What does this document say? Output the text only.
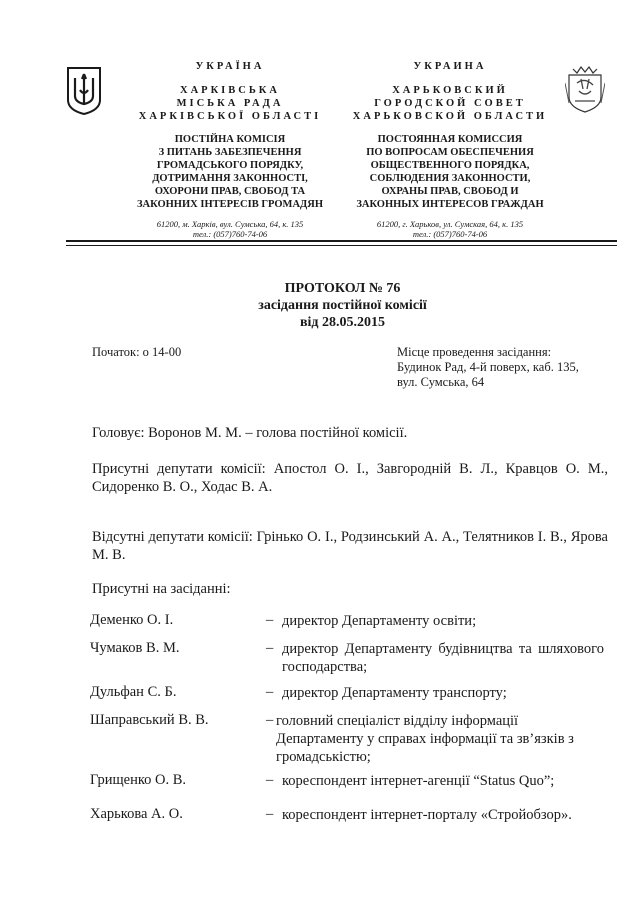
УКРАЇНА
ХАРКІВСЬКА
МІСЬКА РАДА
ХАРКІВСЬКОЇ ОБЛАСТІ
ПОСТІЙНА КОМІСІЯ
З ПИТАНЬ ЗАБЕЗПЕЧЕННЯ
ГРОМАДСЬКОГО ПОРЯДКУ,
ДОТРИМАННЯ ЗАКОННОСТІ,
ОХОРОНИ ПРАВ, СВОБОД ТА
ЗАКОННИХ ІНТЕРЕСІВ ГРОМАДЯН
61200, м. Харків, вул. Сумська, 64, к. 135
тел.: (057)760-74-06
УКРАИНА
ХАРЬКОВСКИЙ
ГОРОДСКОЙ СОВЕТ
ХАРЬКОВСКОЙ ОБЛАСТИ
ПОСТОЯННАЯ КОМИССИЯ
ПО ВОПРОСАМ ОБЕСПЕЧЕНИЯ
ОБЩЕСТВЕННОГО ПОРЯДКА,
СОБЛЮДЕНИЯ ЗАКОННОСТИ,
ОХРАНЫ ПРАВ, СВОБОД И
ЗАКОННЫХ ИНТЕРЕСОВ ГРАЖДАН
61200, г. Харьков, ул. Сумская, 64, к. 135
тел.: (057)760-74-06
ПРОТОКОЛ № 76
засідання постійної комісії
від 28.05.2015
Початок: о 14-00	Місце проведення засідання:
Будинок Рад, 4-й поверх, каб. 135,
вул. Сумська, 64
Головує: Воронов М. М. – голова постійної комісії.
Присутні депутати комісії: Апостол О. І., Завгородній В. Л., Кравцов О. М., Сидоренко В. О., Ходас В. А.
Відсутні депутати комісії: Грінько О. І., Родзинський А. А., Телятников І. В., Ярова М. В.
Присутні на засіданні:
Деменко О. І.	– директор Департаменту освіти;
Чумаков В. М.	– директор Департаменту будівництва та шляхового господарства;
Дульфан С. Б.	– директор Департаменту транспорту;
Шаправський В. В.	– головний спеціаліст відділу інформації Департаменту у справах інформації та зв’язків з громадськістю;
Грищенко О. В.	– кореспондент інтернет-агенції “Status Quo”;
Харькова А. О.	– кореспондент інтернет-порталу «Стройобзор».
